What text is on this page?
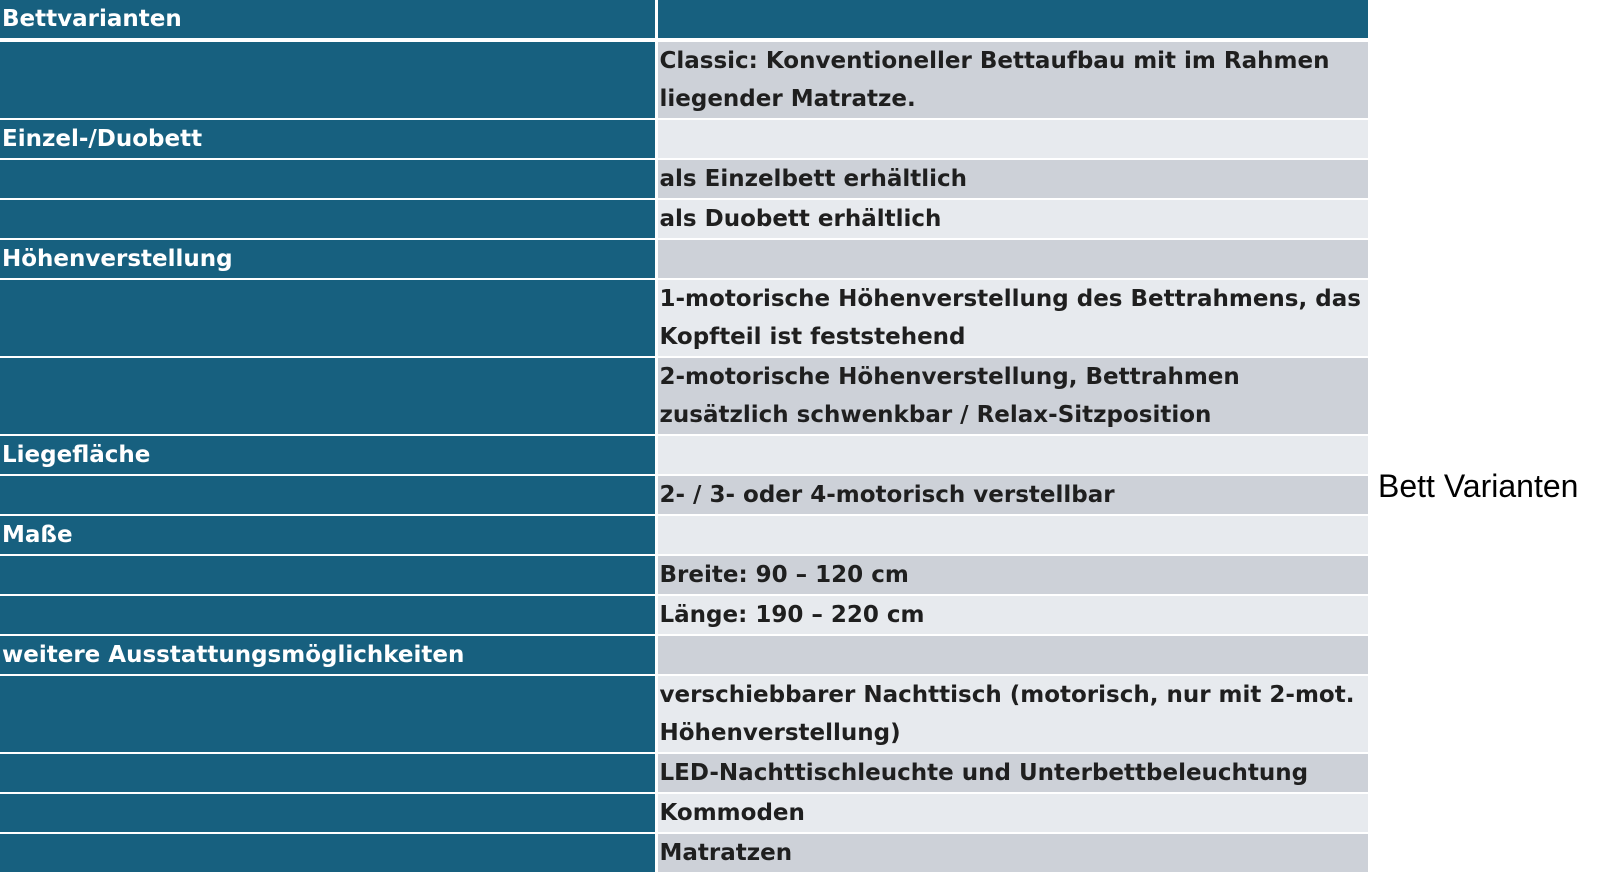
Bettvarianten	
	Classic: Konventioneller Bettaufbau mit im Rahmen liegender Matratze.
Einzel-/Duobett	
	als Einzelbett erhältlich
	als Duobett erhältlich
Höhenverstellung	
	1-motorische Höhenverstellung des Bettrahmens, das Kopfteil ist feststehend
	2-motorische Höhenverstellung, Bettrahmen zusätzlich schwenkbar / Relax-Sitzposition
Liegefläche	
	2- / 3- oder 4-motorisch verstellbar
Maße	
	Breite: 90 – 120 cm
	Länge: 190 – 220 cm
weitere Ausstattungsmöglichkeiten	
	verschiebbarer Nachttisch (motorisch, nur mit 2-mot. Höhenverstellung)
	LED-Nachttischleuchte und Unterbettbeleuchtung
	Kommoden
	Matratzen
Bett Varianten
